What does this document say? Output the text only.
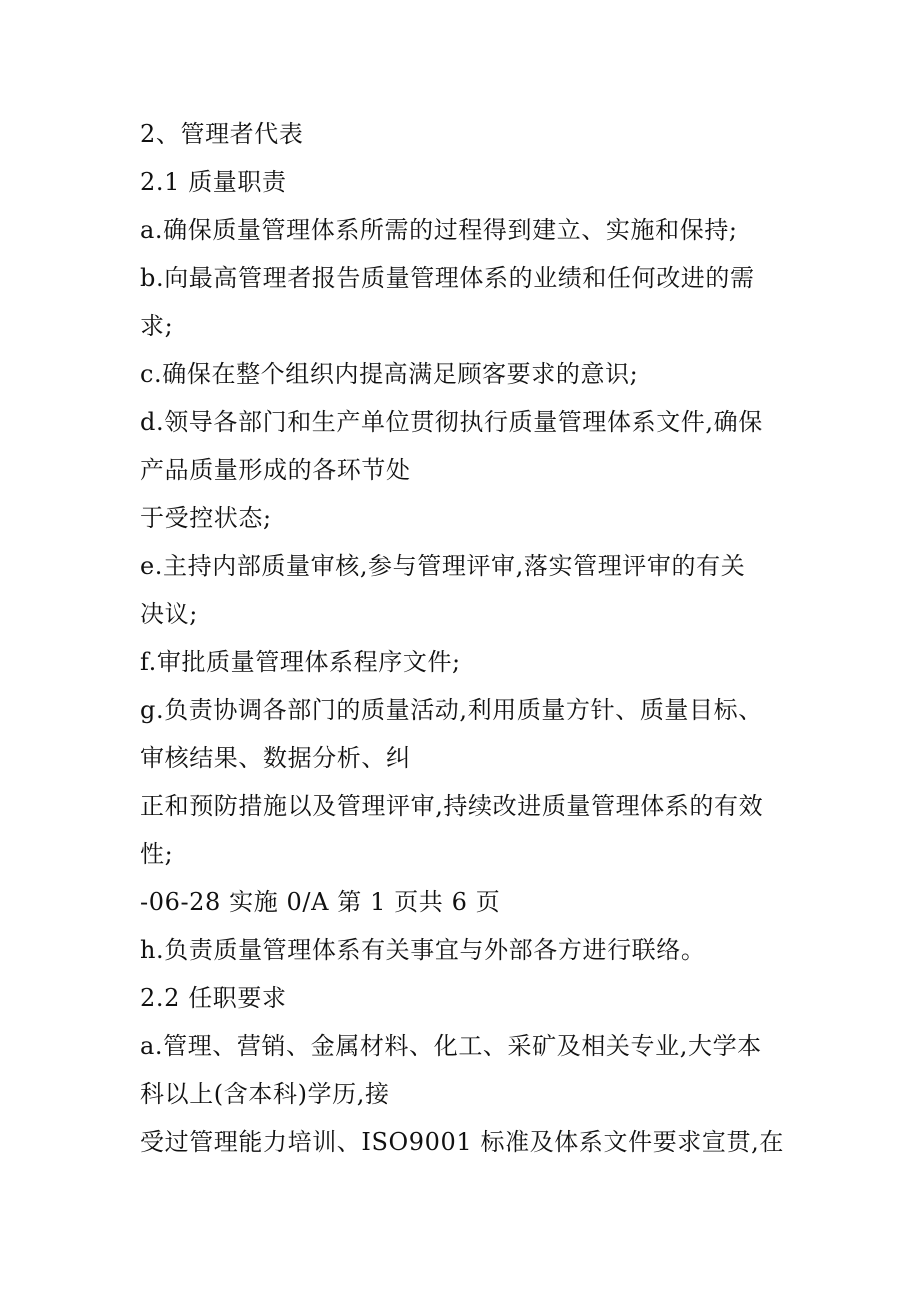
2、管理者代表
2.1 质量职责
a.确保质量管理体系所需的过程得到建立、实施和保持;
b.向最高管理者报告质量管理体系的业绩和任何改进的需
求;
c.确保在整个组织内提高满足顾客要求的意识;
d.领导各部门和生产单位贯彻执行质量管理体系文件,确保
产品质量形成的各环节处
于受控状态;
e.主持内部质量审核,参与管理评审,落实管理评审的有关
决议;
f.审批质量管理体系程序文件;
g.负责协调各部门的质量活动,利用质量方针、质量目标、
审核结果、数据分析、纠
正和预防措施以及管理评审,持续改进质量管理体系的有效
性;
-06-28 实施 0/A 第 1 页共 6 页
h.负责质量管理体系有关事宜与外部各方进行联络。
2.2 任职要求
a.管理、营销、金属材料、化工、采矿及相关专业,大学本
科以上(含本科)学历,接
受过管理能力培训、ISO9001 标准及体系文件要求宣贯,在
